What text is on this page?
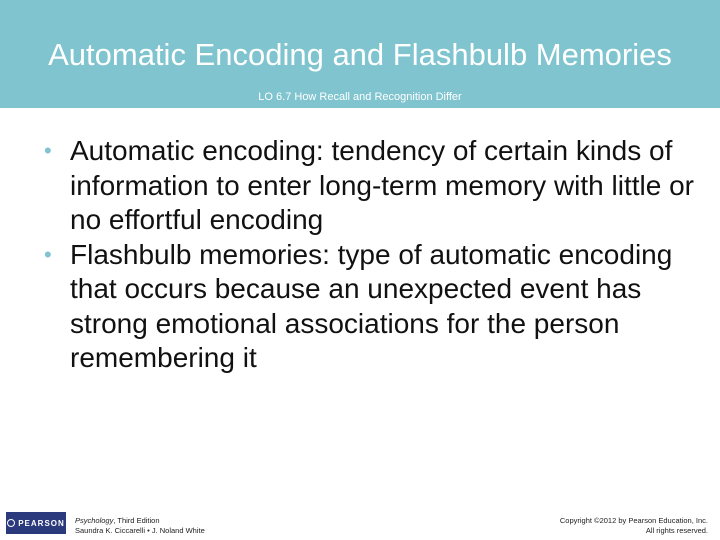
Automatic Encoding and Flashbulb Memories
LO 6.7 How Recall and Recognition Differ
• Automatic encoding: tendency of certain kinds of information to enter long-term memory with little or no effortful encoding
• Flashbulb memories: type of automatic encoding that occurs because an unexpected event has strong emotional associations for the person remembering it
PEARSON Psychology, Third Edition
Saundra K. Ciccarelli • J. Noland White
Copyright ©2012 by Pearson Education, Inc.
All rights reserved.
